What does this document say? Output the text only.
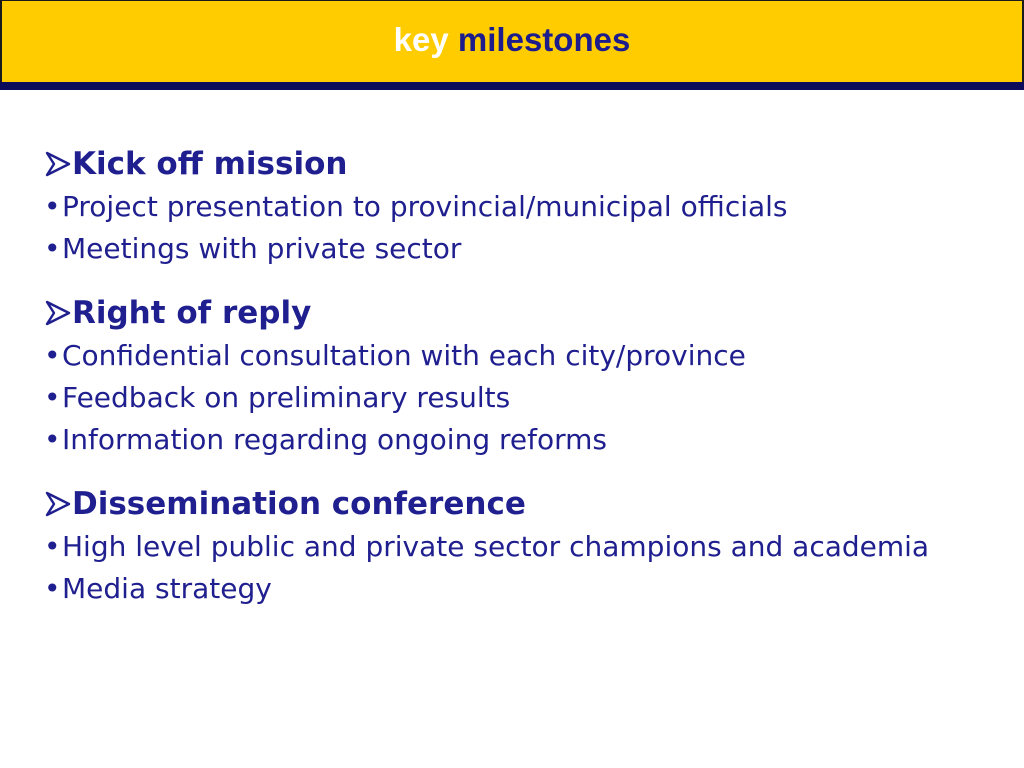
key milestones
Kick off mission
•Project presentation to provincial/municipal officials
•Meetings with private sector
Right of reply
•Confidential consultation with each city/province
•Feedback on preliminary results
•Information regarding ongoing reforms
Dissemination conference
•High level public and private sector champions and academia
•Media strategy
